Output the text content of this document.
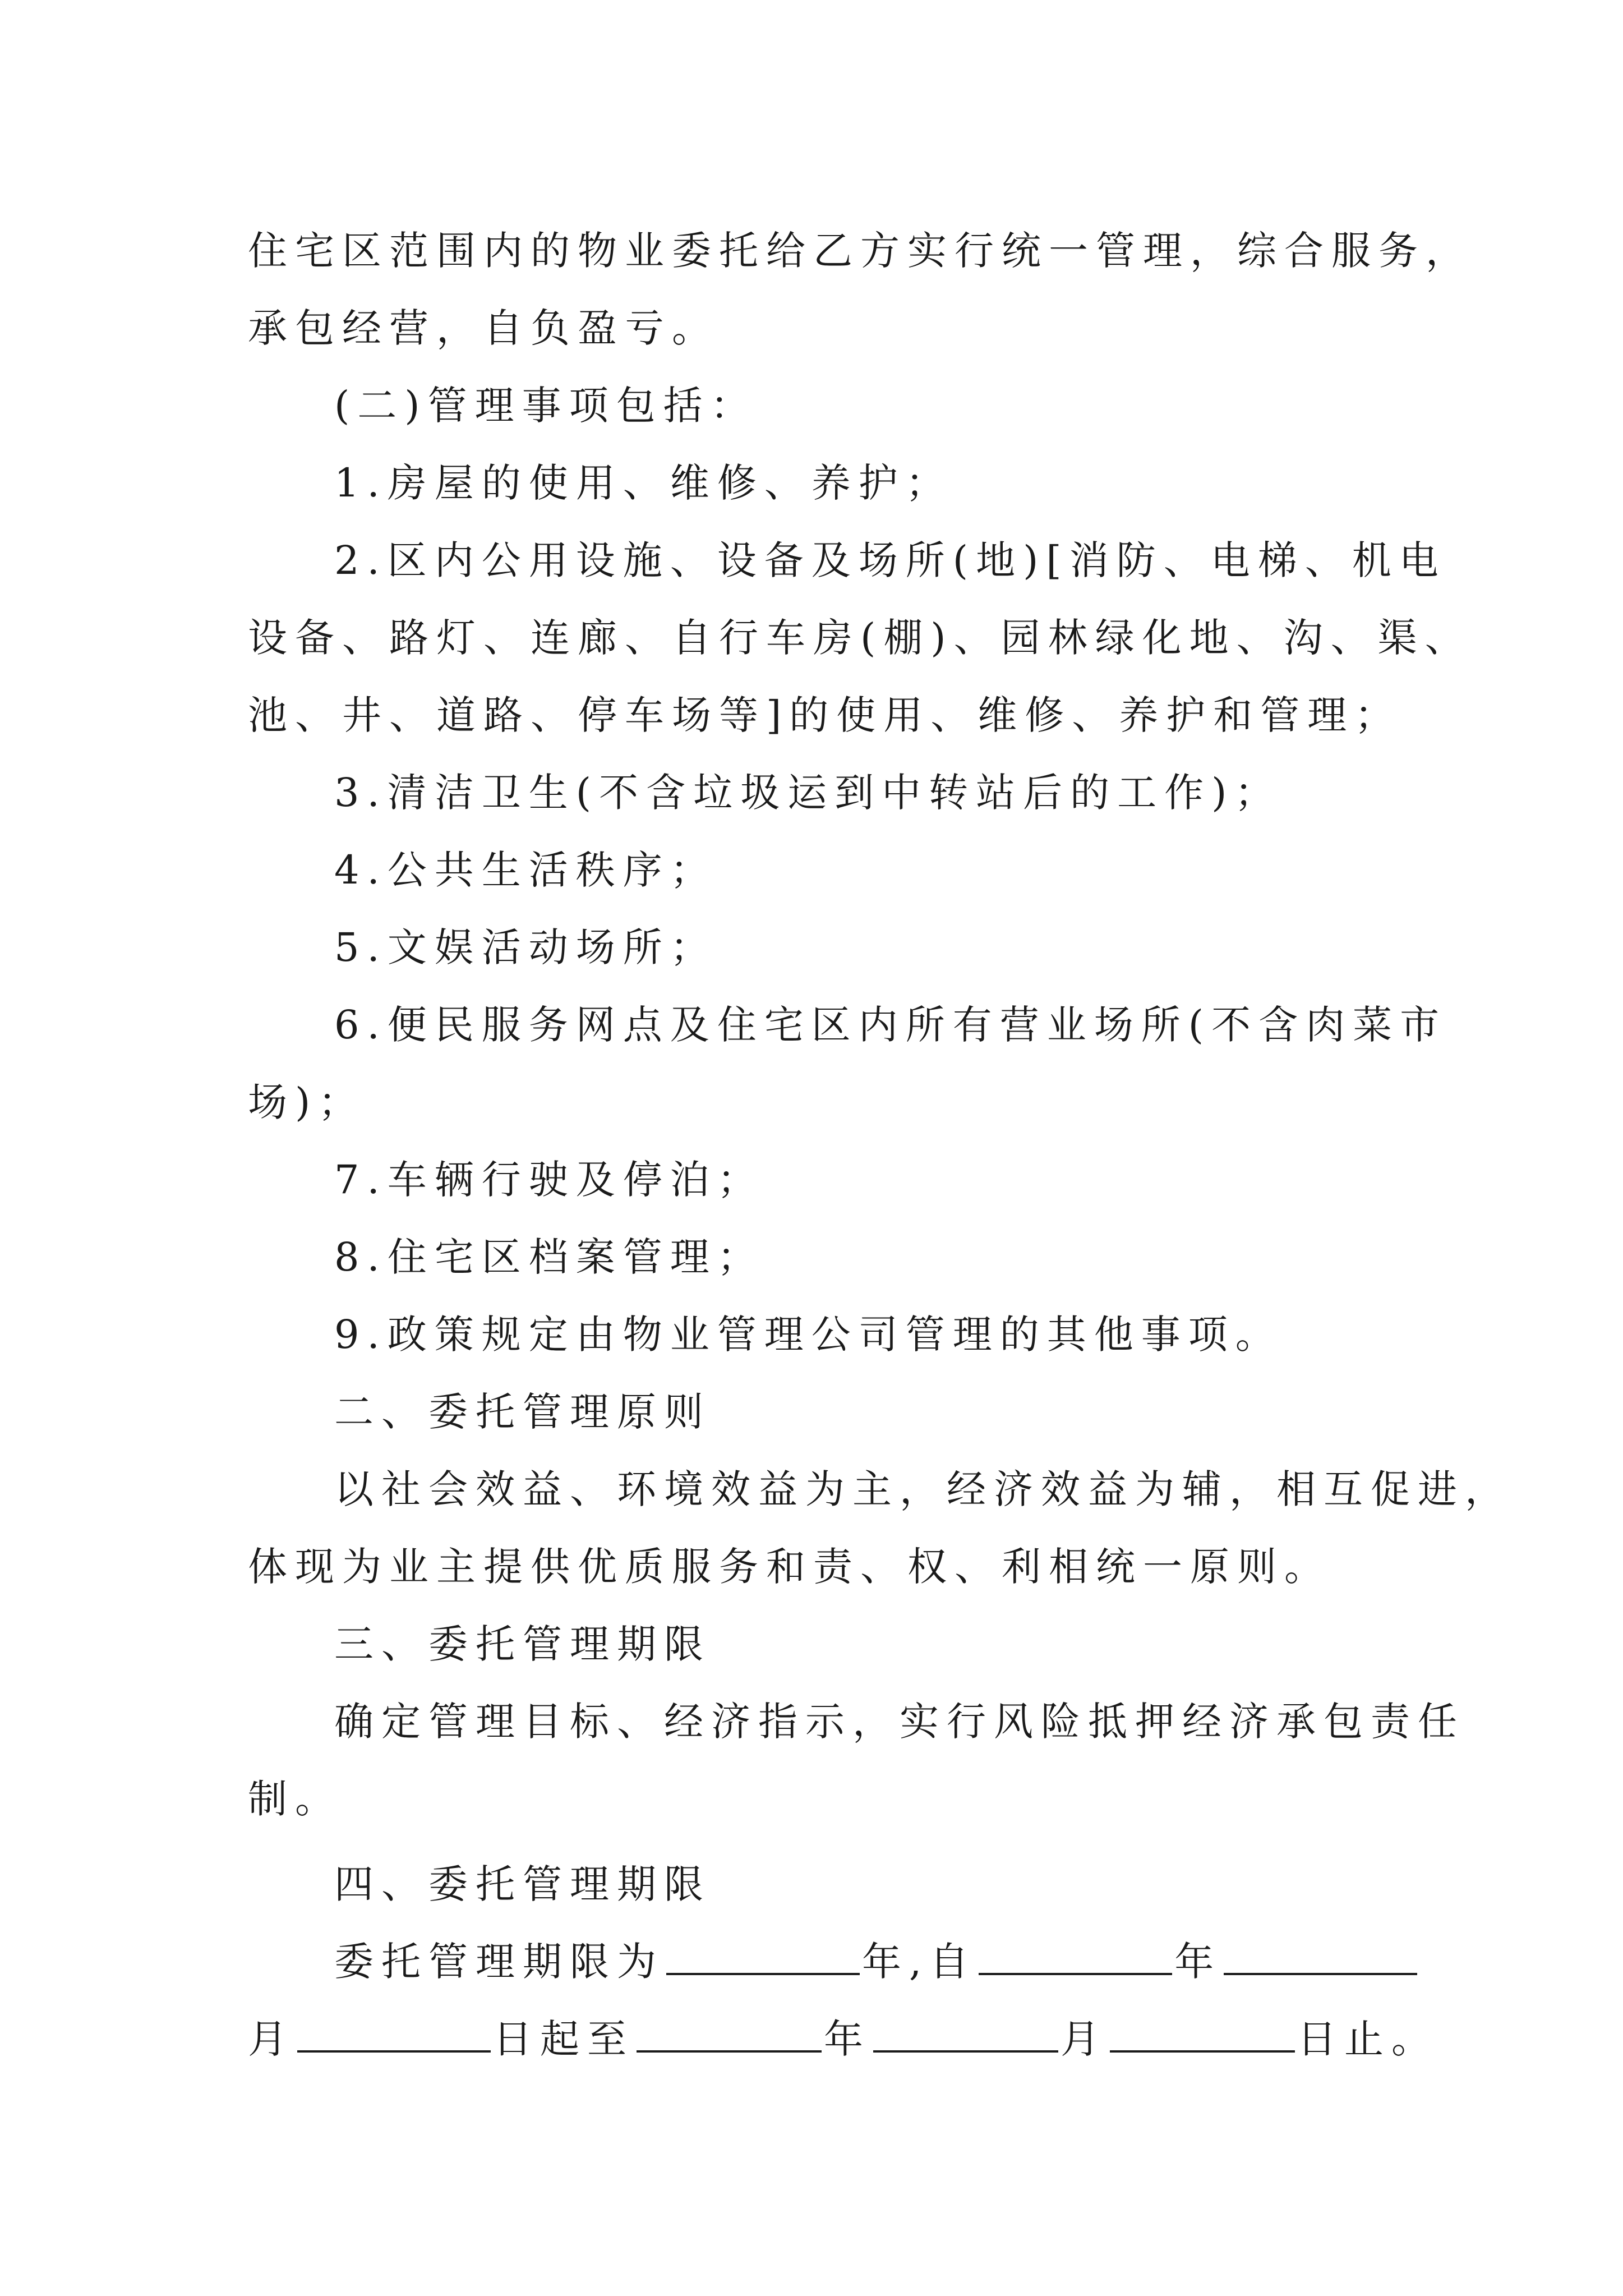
住宅区范围内的物业委托给乙方实行统一管理，综合服务，
承包经营，自负盈亏。
(二)管理事项包括：
1.房屋的使用、维修、养护；
2.区内公用设施、设备及场所(地)[消防、电梯、机电
设备、路灯、连廊、自行车房(棚)、园林绿化地、沟、渠、
池、井、道路、停车场等]的使用、维修、养护和管理；
3.清洁卫生(不含垃圾运到中转站后的工作)；
4.公共生活秩序；
5.文娱活动场所；
6.便民服务网点及住宅区内所有营业场所(不含肉菜市
场)；
7.车辆行驶及停泊；
8.住宅区档案管理；
9.政策规定由物业管理公司管理的其他事项。
二、委托管理原则
以社会效益、环境效益为主，经济效益为辅，相互促进，
体现为业主提供优质服务和责、权、利相统一原则。
三、委托管理期限
确定管理目标、经济指示，实行风险抵押经济承包责任
制。
四、委托管理期限
委托管理期限为	年,自	年
月	日起至	年	月	日止。
